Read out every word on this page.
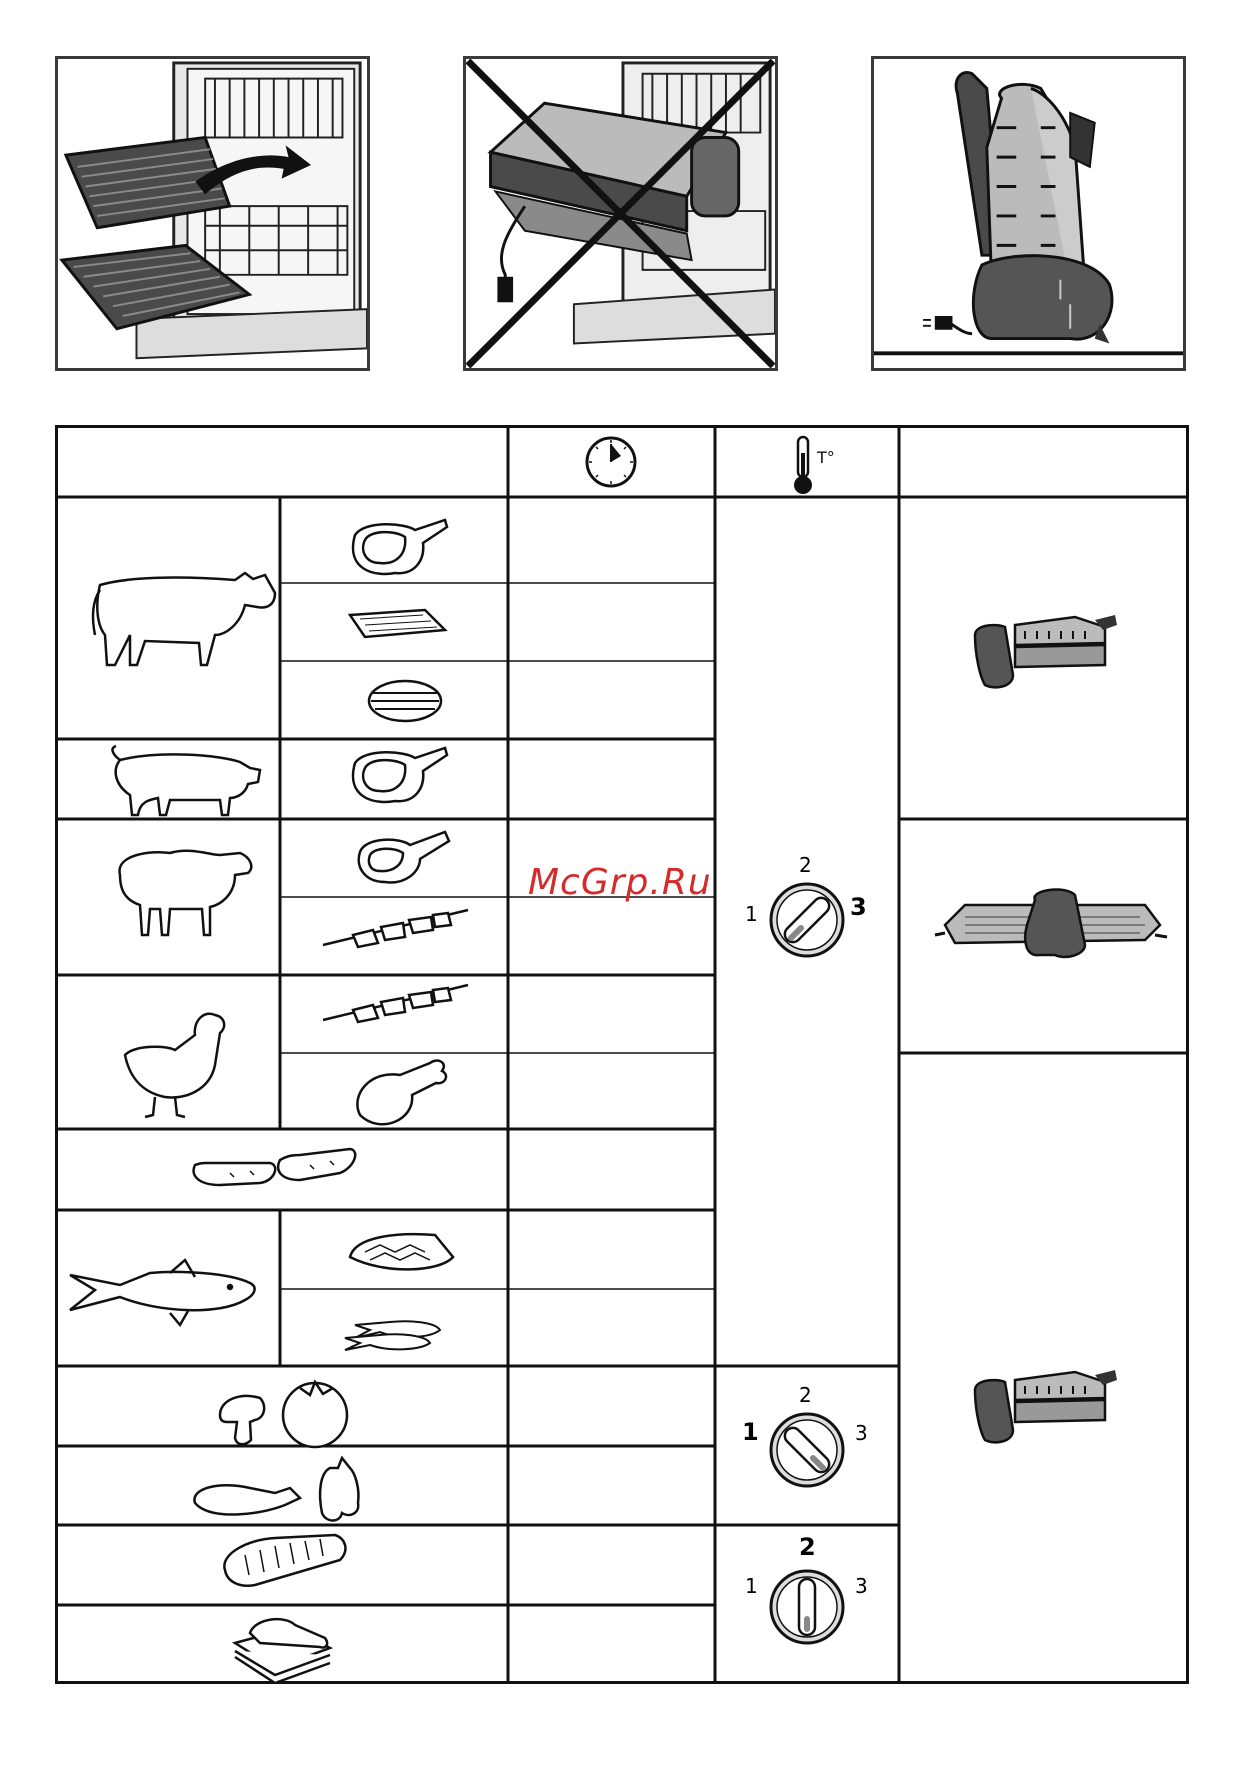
T°
2
1	3
2
1	3
2
1	3
McGrp.Ru
